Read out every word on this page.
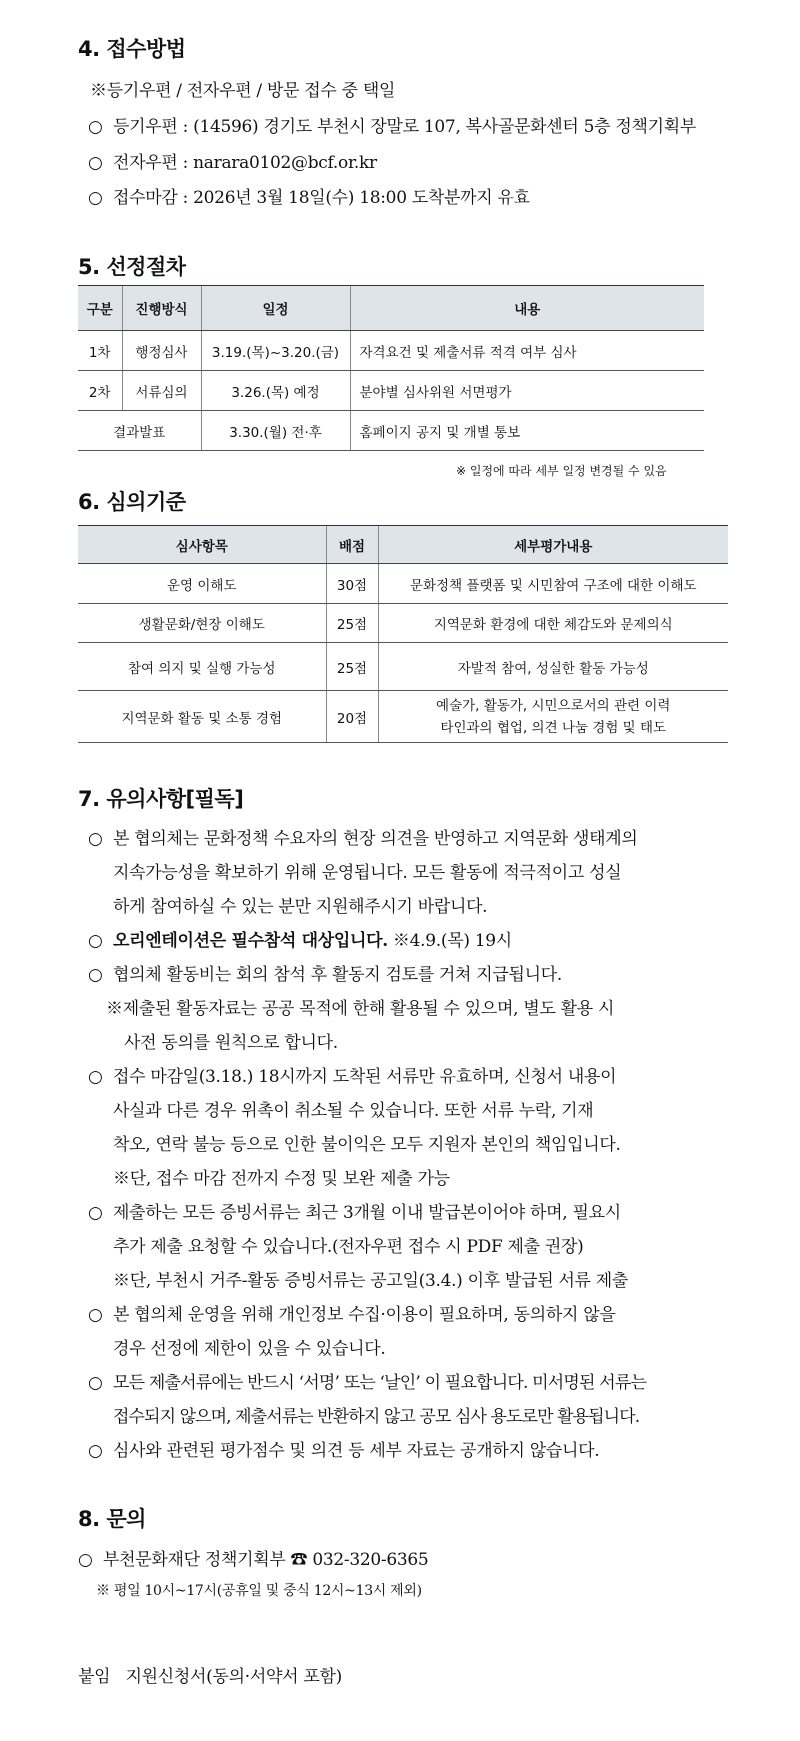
4. 접수방법
※등기우편 / 전자우편 / 방문 접수 중 택일
○ 등기우편 : (14596) 경기도 부천시 장말로 107, 복사골문화센터 5층 정책기획부
○ 전자우편 : narara0102@bcf.or.kr
○ 접수마감 : 2026년 3월 18일(수) 18:00 도착분까지 유효
5. 선정절차
구분	진행방식	일정	내용
1차	행정심사	3.19.(목)~3.20.(금)	자격요건 및 제출서류 적격 여부 심사
2차	서류심의	3.26.(목) 예정	분야별 심사위원 서면평가
결과발표		3.30.(월) 전·후	홈페이지 공지 및 개별 통보
※ 일정에 따라 세부 일정 변경될 수 있음
6. 심의기준
심사항목	배점	세부평가내용
운영 이해도	30점	문화정책 플랫폼 및 시민참여 구조에 대한 이해도
생활문화/현장 이해도	25점	지역문화 환경에 대한 체감도와 문제의식
참여 의지 및 실행 가능성	25점	자발적 참여, 성실한 활동 가능성
지역문화 활동 및 소통 경험	20점	예술가, 활동가, 시민으로서의 관련 이력
타인과의 협업, 의견 나눔 경험 및 태도
7. 유의사항[필독]
○ 본 협의체는 문화정책 수요자의 현장 의견을 반영하고 지역문화 생태계의
지속가능성을 확보하기 위해 운영됩니다. 모든 활동에 적극적이고 성실
하게 참여하실 수 있는 분만 지원해주시기 바랍니다.
○ 오리엔테이션은 필수참석 대상입니다. ※4.9.(목) 19시
○ 협의체 활동비는 회의 참석 후 활동지 검토를 거쳐 지급됩니다.
※제출된 활동자료는 공공 목적에 한해 활용될 수 있으며, 별도 활용 시
사전 동의를 원칙으로 합니다.
○ 접수 마감일(3.18.) 18시까지 도착된 서류만 유효하며, 신청서 내용이
사실과 다른 경우 위촉이 취소될 수 있습니다. 또한 서류 누락, 기재
착오, 연락 불능 등으로 인한 불이익은 모두 지원자 본인의 책임입니다.
※단, 접수 마감 전까지 수정 및 보완 제출 가능
○ 제출하는 모든 증빙서류는 최근 3개월 이내 발급본이어야 하며, 필요시
추가 제출 요청할 수 있습니다.(전자우편 접수 시 PDF 제출 권장)
※단, 부천시 거주-활동 증빙서류는 공고일(3.4.) 이후 발급된 서류 제출
○ 본 협의체 운영을 위해 개인정보 수집·이용이 필요하며, 동의하지 않을
경우 선정에 제한이 있을 수 있습니다.
○ 모든 제출서류에는 반드시 ‘서명’ 또는 ‘날인’ 이 필요합니다. 미서명된 서류는
접수되지 않으며, 제출서류는 반환하지 않고 공모 심사 용도로만 활용됩니다.
○ 심사와 관련된 평가점수 및 의견 등 세부 자료는 공개하지 않습니다.
8. 문의
○ 부천문화재단 정책기획부 ☎ 032-320-6365
※ 평일 10시~17시(공휴일 및 중식 12시~13시 제외)
붙임 지원신청서(동의·서약서 포함)
